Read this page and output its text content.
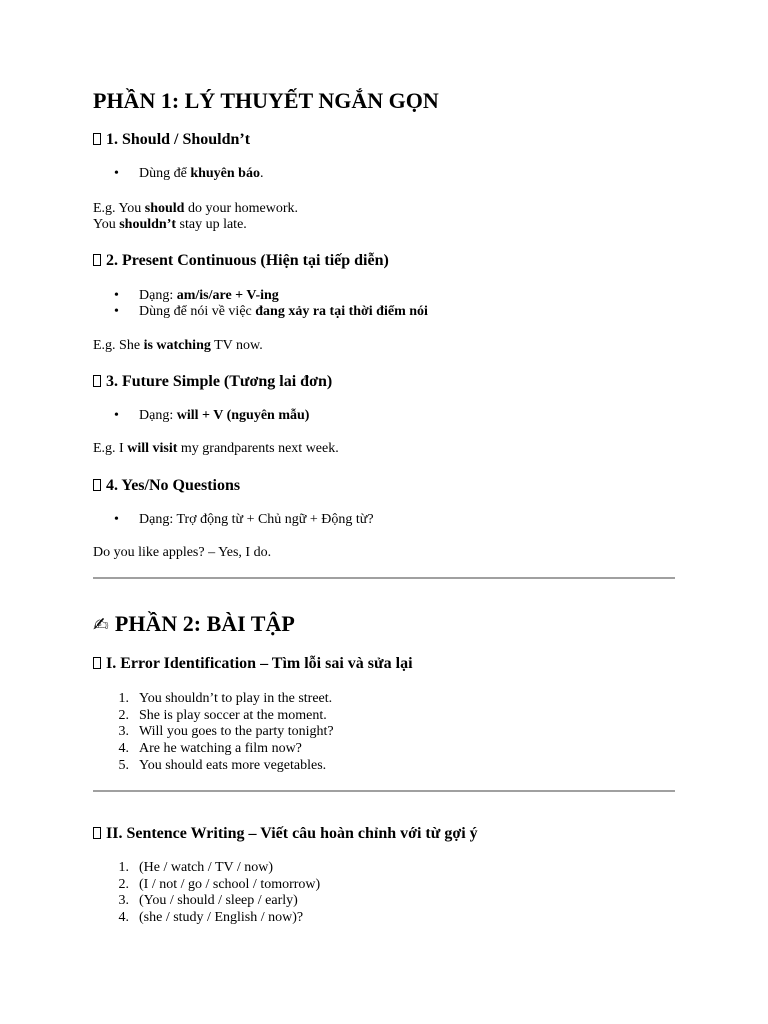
PHẦN 1: LÝ THUYẾT NGẮN GỌN
1. Should / Shouldn’t
•	Dùng để khuyên báo.
E.g. You should do your homework.
You shouldn’t stay up late.
2. Present Continuous (Hiện tại tiếp diễn)
•	Dạng: am/is/are + V-ing
•	Dùng để nói về việc đang xảy ra tại thời điểm nói
E.g. She is watching TV now.
3. Future Simple (Tương lai đơn)
•	Dạng: will + V (nguyên mẫu)
E.g. I will visit my grandparents next week.
4. Yes/No Questions
•	Dạng: Trợ động từ + Chủ ngữ + Động từ?
Do you like apples? – Yes, I do.
✍ PHẦN 2: BÀI TẬP
I. Error Identification – Tìm lỗi sai và sửa lại
1. You shouldn’t to play in the street.
2. She is play soccer at the moment.
3. Will you goes to the party tonight?
4. Are he watching a film now?
5. You should eats more vegetables.
II. Sentence Writing – Viết câu hoàn chỉnh với từ gợi ý
1. (He / watch / TV / now)
2. (I / not / go / school / tomorrow)
3. (You / should / sleep / early)
4. (she / study / English / now)?
